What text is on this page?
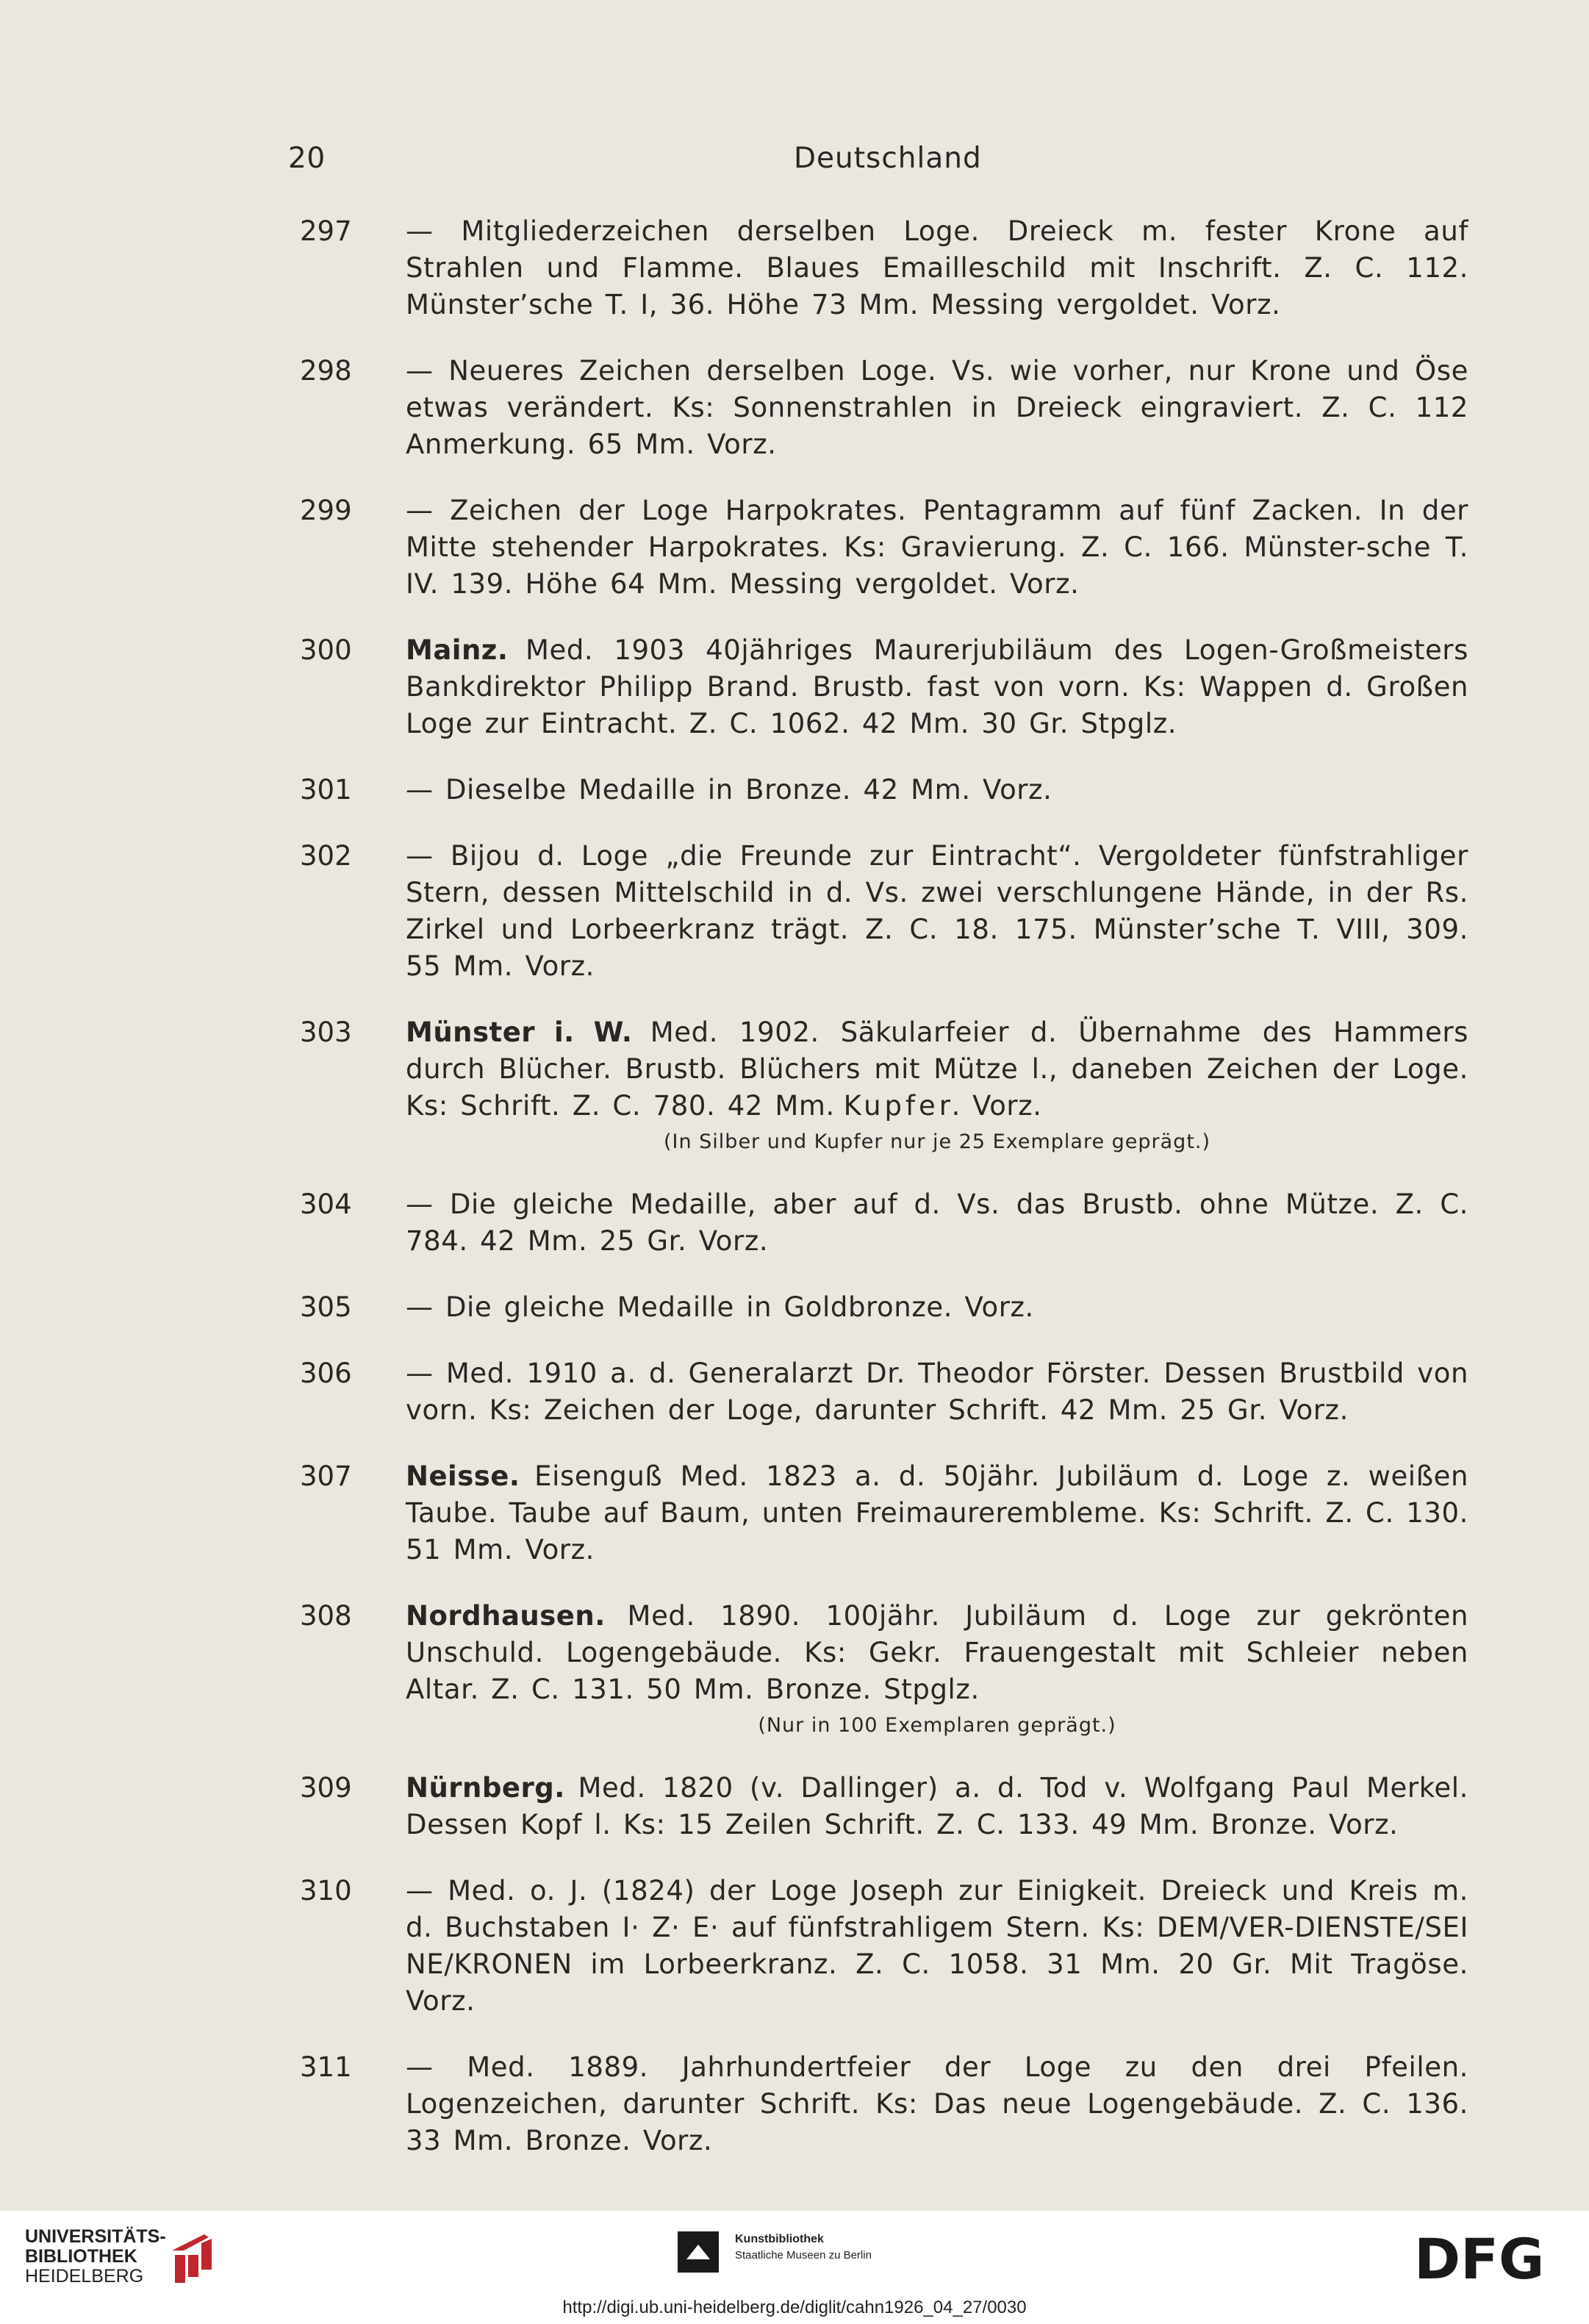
20	Deutschland
297	— Mitgliederzeichen derselben Loge. Dreieck m. fester Krone auf Strahlen und Flamme. Blaues Emailleschild mit Inschrift. Z. C. 112. Münster’sche T. I, 36. Höhe 73 Mm. Messing vergoldet. Vorz.
298	— Neueres Zeichen derselben Loge. Vs. wie vorher, nur Krone und Öse etwas verändert. Ks: Sonnenstrahlen in Dreieck eingraviert. Z. C. 112 Anmerkung. 65 Mm. Vorz.
299	— Zeichen der Loge Harpokrates. Pentagramm auf fünf Zacken. In der Mitte stehender Harpokrates. Ks: Gravierung. Z. C. 166. Münster-sche T. IV. 139. Höhe 64 Mm. Messing vergoldet. Vorz.
300	Mainz. Med. 1903 40jähriges Maurerjubiläum des Logen-Großmeisters Bankdirektor Philipp Brand. Brustb. fast von vorn. Ks: Wappen d. Großen Loge zur Eintracht. Z. C. 1062. 42 Mm. 30 Gr. Stpglz.
301	— Dieselbe Medaille in Bronze. 42 Mm. Vorz.
302	— Bijou d. Loge „die Freunde zur Eintracht“. Vergoldeter fünfstrahliger Stern, dessen Mittelschild in d. Vs. zwei verschlungene Hände, in der Rs. Zirkel und Lorbeerkranz trägt. Z. C. 18. 175. Münster’sche T. VIII, 309. 55 Mm. Vorz.
303	Münster i. W. Med. 1902. Säkularfeier d. Übernahme des Hammers durch Blücher. Brustb. Blüchers mit Mütze l., daneben Zeichen der Loge. Ks: Schrift. Z. C. 780. 42 Mm. Kupfer. Vorz.
(In Silber und Kupfer nur je 25 Exemplare geprägt.)
304	— Die gleiche Medaille, aber auf d. Vs. das Brustb. ohne Mütze. Z. C. 784. 42 Mm. 25 Gr. Vorz.
305	— Die gleiche Medaille in Goldbronze. Vorz.
306	— Med. 1910 a. d. Generalarzt Dr. Theodor Förster. Dessen Brustbild von vorn. Ks: Zeichen der Loge, darunter Schrift. 42 Mm. 25 Gr. Vorz.
307	Neisse. Eisenguß Med. 1823 a. d. 50jähr. Jubiläum d. Loge z. weißen Taube. Taube auf Baum, unten Freimaurerembleme. Ks: Schrift. Z. C. 130. 51 Mm. Vorz.
308	Nordhausen. Med. 1890. 100jähr. Jubiläum d. Loge zur gekrönten Unschuld. Logengebäude. Ks: Gekr. Frauengestalt mit Schleier neben Altar. Z. C. 131. 50 Mm. Bronze. Stpglz.
(Nur in 100 Exemplaren geprägt.)
309	Nürnberg. Med. 1820 (v. Dallinger) a. d. Tod v. Wolfgang Paul Merkel. Dessen Kopf l. Ks: 15 Zeilen Schrift. Z. C. 133. 49 Mm. Bronze. Vorz.
310	— Med. o. J. (1824) der Loge Joseph zur Einigkeit. Dreieck und Kreis m. d. Buchstaben I· Z· E· auf fünfstrahligem Stern. Ks: DEM/VER-DIENSTE/SEI NE/KRONEN im Lorbeerkranz. Z. C. 1058. 31 Mm. 20 Gr. Mit Tragöse. Vorz.
311	— Med. 1889. Jahrhundertfeier der Loge zu den drei Pfeilen. Logenzeichen, darunter Schrift. Ks: Das neue Logengebäude. Z. C. 136. 33 Mm. Bronze. Vorz.
UNIVERSITÄTS-
BIBLIOTHEK
HEIDELBERG
Kunstbibliothek
Staatliche Museen zu Berlin	DFG
http://digi.ub.uni-heidelberg.de/diglit/cahn1926_04_27/0030
